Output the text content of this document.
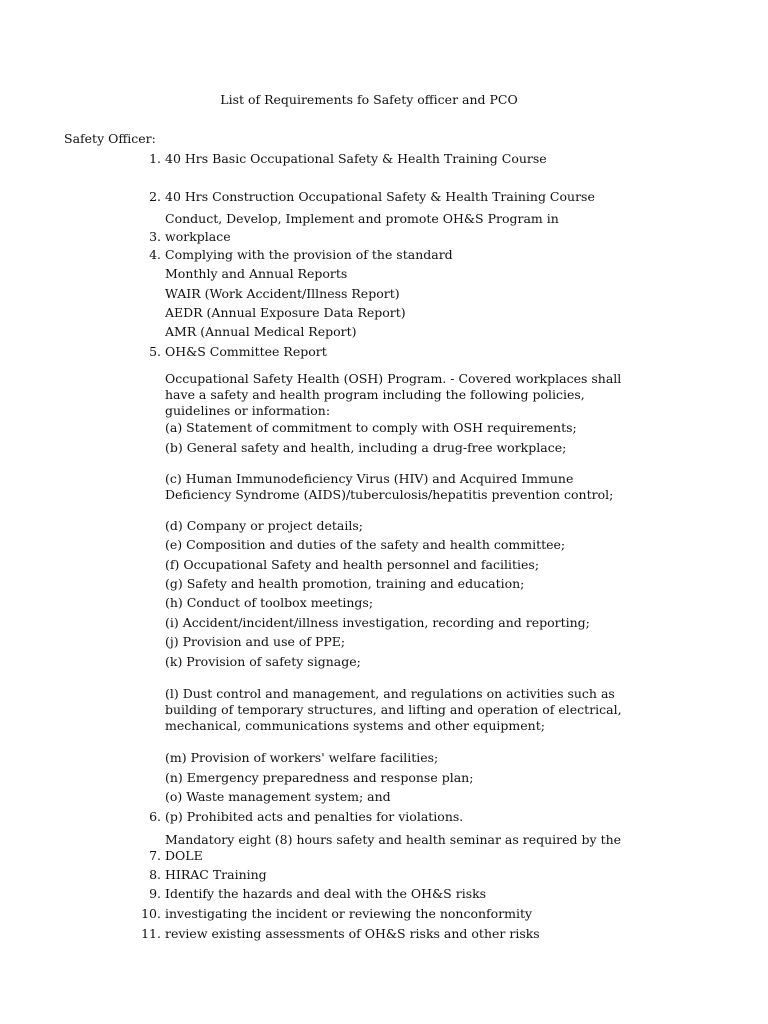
List of Requirements fo Safety officer and PCO
Safety Officer:
1. 40 Hrs Basic Occupational Safety & Health Training Course
2. 40 Hrs Construction Occupational Safety & Health Training Course
Conduct, Develop, Implement and promote OH&S Program in
3. workplace
4. Complying with the provision of the standard
Monthly and Annual Reports
WAIR (Work Accident/Illness Report)
AEDR (Annual Exposure Data Report)
AMR (Annual Medical Report)
5. OH&S Committee Report
Occupational Safety Health (OSH) Program. - Covered workplaces shall
have a safety and health program including the following policies,
guidelines or information:
(a) Statement of commitment to comply with OSH requirements;
(b) General safety and health, including a drug-free workplace;
(c) Human Immunodeficiency Virus (HIV) and Acquired Immune
Deficiency Syndrome (AIDS)/tuberculosis/hepatitis prevention control;
(d) Company or project details;
(e) Composition and duties of the safety and health committee;
(f) Occupational Safety and health personnel and facilities;
(g) Safety and health promotion, training and education;
(h) Conduct of toolbox meetings;
(i) Accident/incident/illness investigation, recording and reporting;
(j) Provision and use of PPE;
(k) Provision of safety signage;
(l) Dust control and management, and regulations on activities such as
building of temporary structures, and lifting and operation of electrical,
mechanical, communications systems and other equipment;
(m) Provision of workers' welfare facilities;
(n) Emergency preparedness and response plan;
(o) Waste management system; and
6. (p) Prohibited acts and penalties for violations.
Mandatory eight (8) hours safety and health seminar as required by the
7. DOLE
8. HIRAC Training
9. Identify the hazards and deal with the OH&S risks
10. investigating the incident or reviewing the nonconformity
11. review existing assessments of OH&S risks and other risks
